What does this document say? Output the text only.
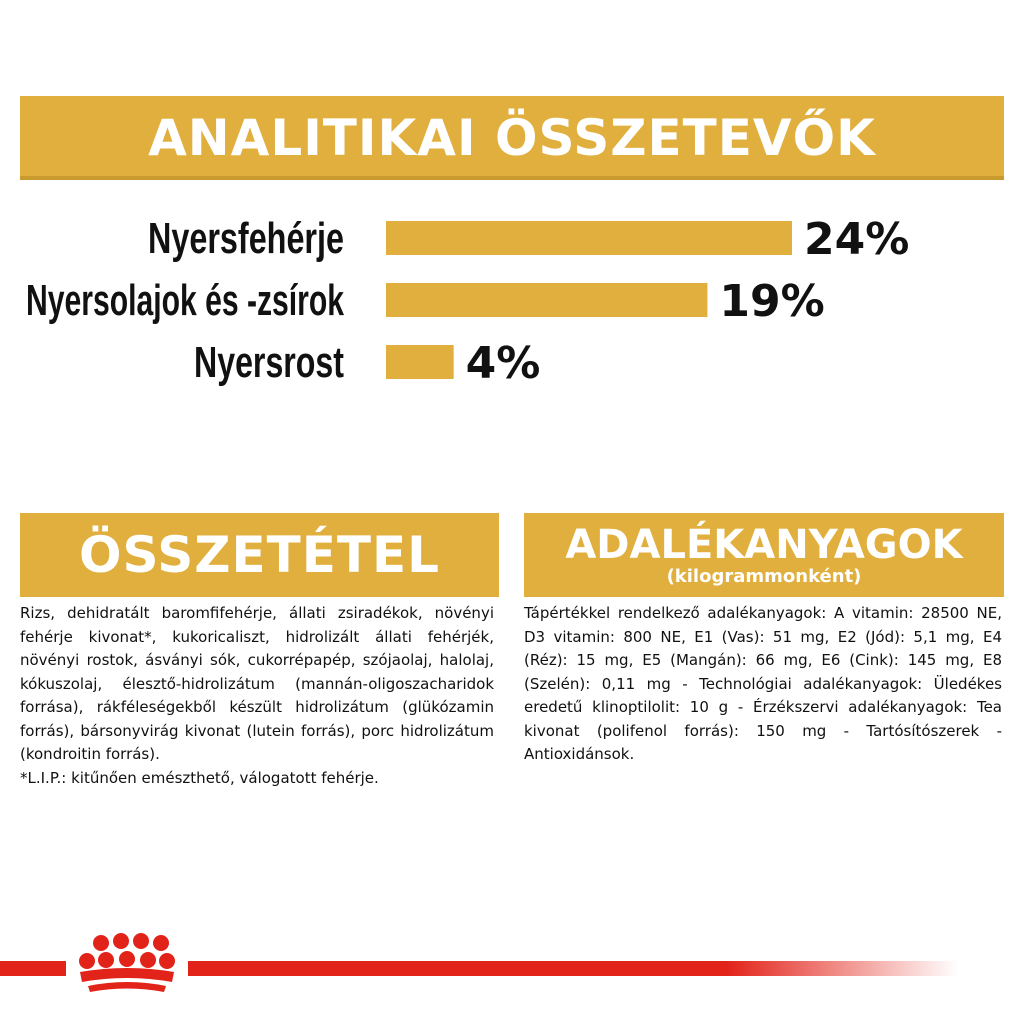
ANALITIKAI ÖSSZETEVŐK
Nyersfehérje	24%
Nyersolajok és -zsírok	19%
Nyersrost	4%
ÖSSZETÉTEL
Rizs, dehidratált baromfifehérje, állati zsiradékok, növényi fehérje kivonat*, kukoricaliszt, hidrolizált állati fehérjék, növényi rostok, ásványi sók, cukorrépapép, szójaolaj, halolaj, kókuszolaj, élesztő-hidrolizátum (mannán-oligoszacharidok forrása), rákféleségekből készült hidrolizátum (glükózamin forrás), bársonyvirág kivonat (lutein forrás), porc hidrolizátum (kondroitin forrás).
*L.I.P.: kitűnően emészthető, válogatott fehérje.
ADALÉKANYAGOK
(kilogrammonként)
Tápértékkel rendelkező adalékanyagok: A vitamin: 28500 NE, D3 vitamin: 800 NE, E1 (Vas): 51 mg, E2 (Jód): 5,1 mg, E4 (Réz): 15 mg, E5 (Mangán): 66 mg, E6 (Cink): 145 mg, E8 (Szelén): 0,11 mg - Technológiai adalékanyagok: Üledékes eredetű klinoptilolit: 10 g - Érzékszervi adalékanyagok: Tea kivonat (polifenol forrás): 150 mg - Tartósítószerek - Antioxidánsok.
